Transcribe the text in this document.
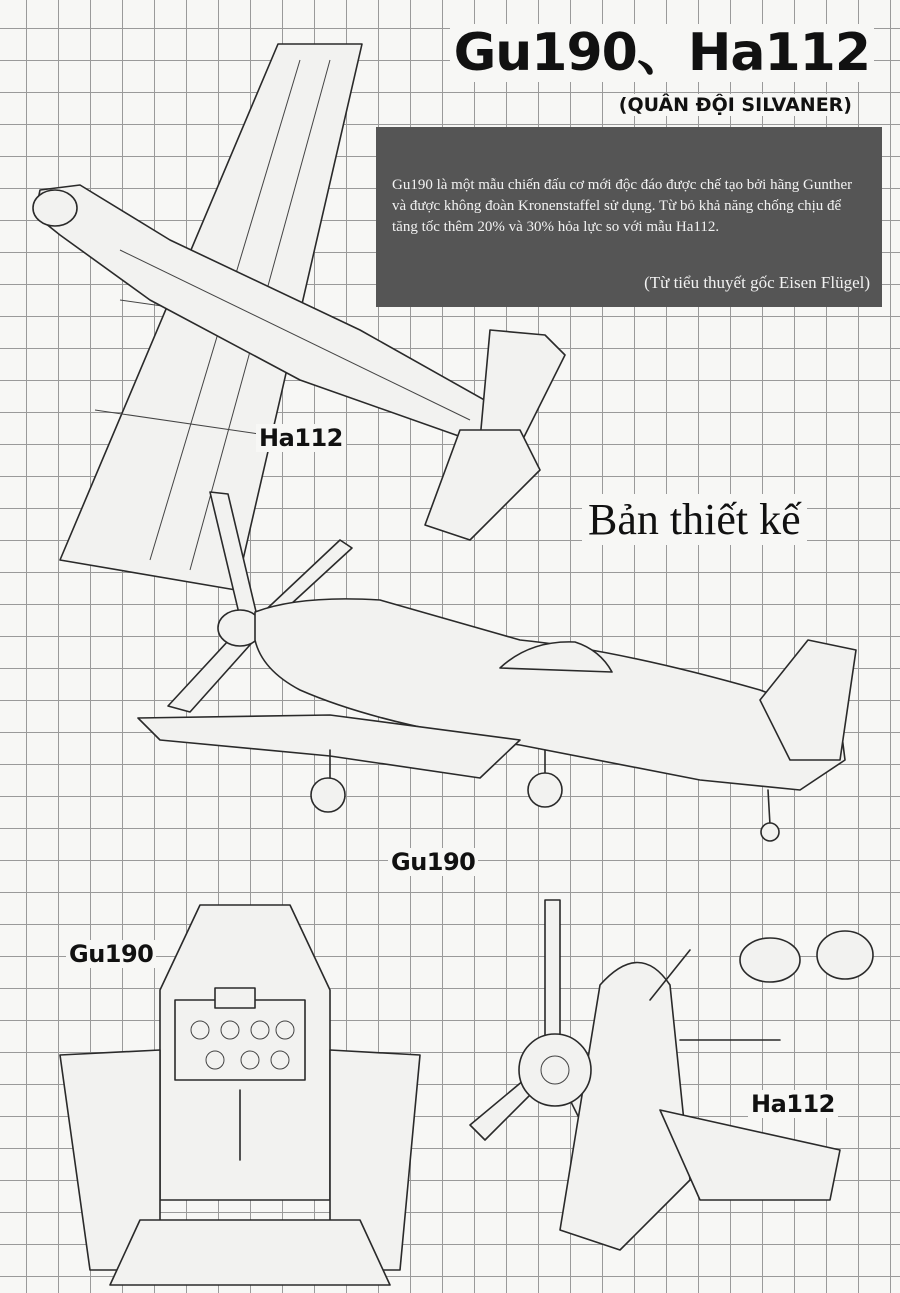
Gu190、Ha112
(QUÂN ĐỘI SILVANER)
Gu190 là một mẫu chiến đấu cơ mới độc đáo được chế tạo bởi hãng Gunther và được không đoàn Kronenstaffel sử dụng. Từ bỏ khả năng chống chịu để tăng tốc thêm 20% và 30% hỏa lực so với mẫu Ha112.
(Từ tiểu thuyết gốc Eisen Flügel)
Ha112
Bản thiết kế
Gu190
Gu190
Ha112
